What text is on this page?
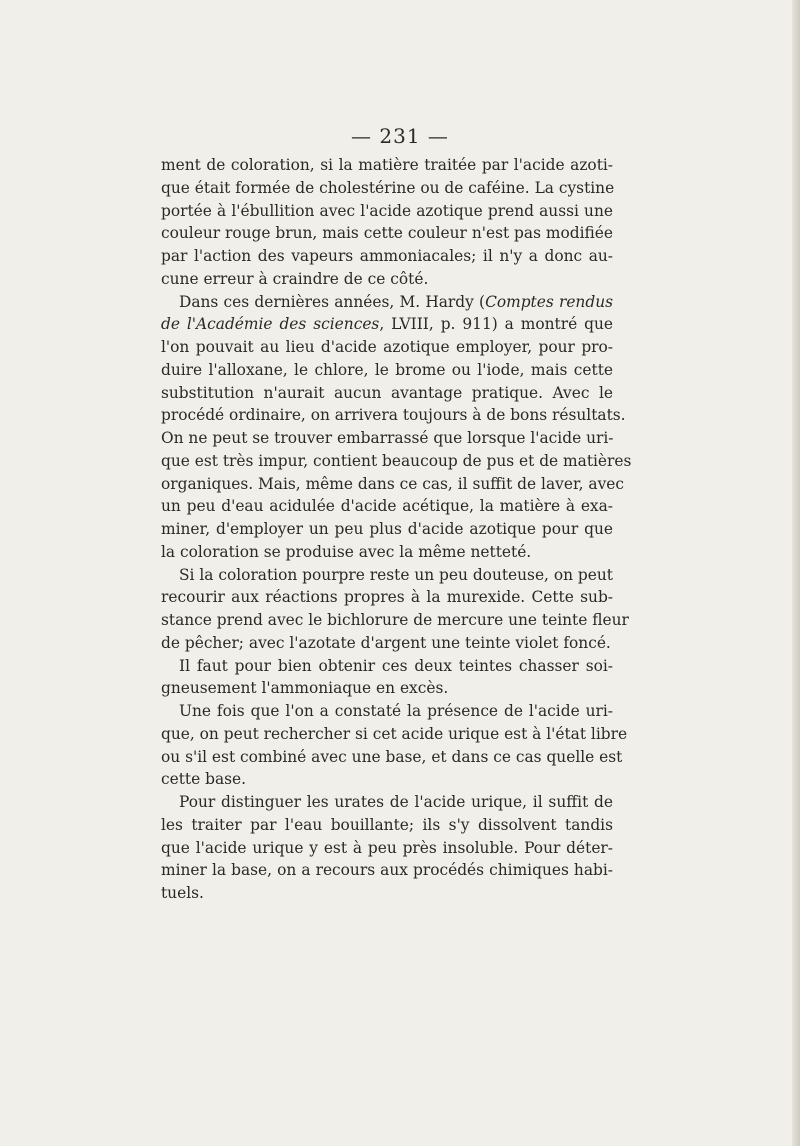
— 231 —

ment de coloration, si la matière traitée par l'acide azoti-
que était formée de cholestérine ou de caféine. La cystine
portée à l'ébullition avec l'acide azotique prend aussi une
couleur rouge brun, mais cette couleur n'est pas modifiée
par l'action des vapeurs ammoniacales; il n'y a donc au-
cune erreur à craindre de ce côté.

Dans ces dernières années, M. Hardy (Comptes rendus
de l'Académie des sciences, LVIII, p. 911) a montré que
l'on pouvait au lieu d'acide azotique employer, pour pro-
duire l'alloxane, le chlore, le brome ou l'iode, mais cette
substitution n'aurait aucun avantage pratique. Avec le
procédé ordinaire, on arrivera toujours à de bons résultats.
On ne peut se trouver embarrassé que lorsque l'acide uri-
que est très impur, contient beaucoup de pus et de matières
organiques. Mais, même dans ce cas, il suffit de laver, avec
un peu d'eau acidulée d'acide acétique, la matière à exa-
miner, d'employer un peu plus d'acide azotique pour que
la coloration se produise avec la même netteté.

Si la coloration pourpre reste un peu douteuse, on peut
recourir aux réactions propres à la murexide. Cette sub-
stance prend avec le bichlorure de mercure une teinte fleur
de pêcher; avec l'azotate d'argent une teinte violet foncé.

Il faut pour bien obtenir ces deux teintes chasser soi-
gneusement l'ammoniaque en excès.

Une fois que l'on a constaté la présence de l'acide uri-
que, on peut rechercher si cet acide urique est à l'état libre
ou s'il est combiné avec une base, et dans ce cas quelle est
cette base.

Pour distinguer les urates de l'acide urique, il suffit de
les traiter par l'eau bouillante; ils s'y dissolvent tandis
que l'acide urique y est à peu près insoluble. Pour déter-
miner la base, on a recours aux procédés chimiques habi-
tuels.
